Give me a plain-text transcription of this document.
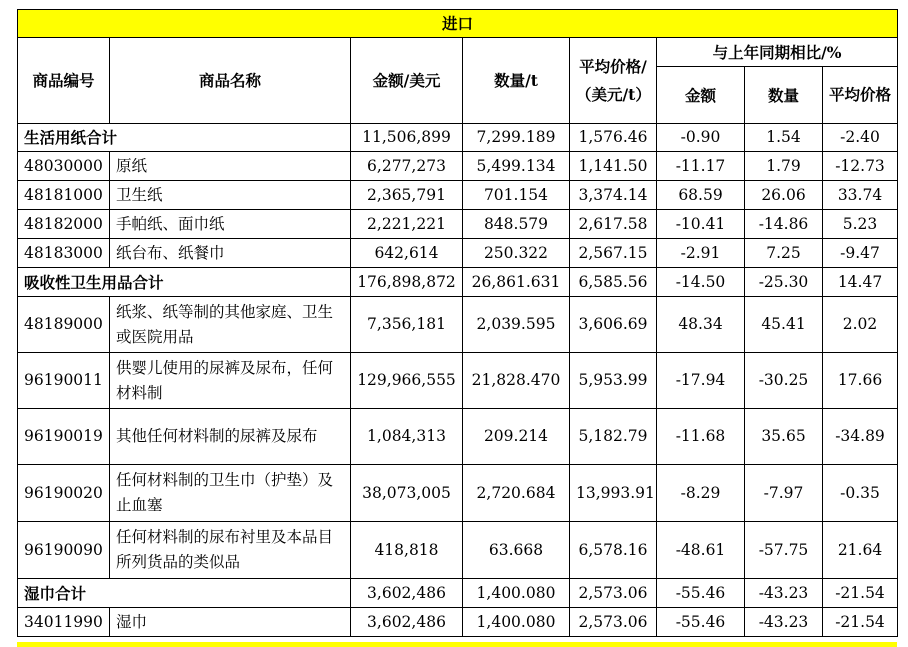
进口							
商品编号	商品名称	金额/美元	数量/t	平均价格/（美元/t）	与上年同期相比/%		
					金额	数量	平均价格
生活用纸合计		11,506,899	7,299.189	1,576.46	-0.90	1.54	-2.40
48030000	原纸	6,277,273	5,499.134	1,141.50	-11.17	1.79	-12.73
48181000	卫生纸	2,365,791	701.154	3,374.14	68.59	26.06	33.74
48182000	手帕纸、面巾纸	2,221,221	848.579	2,617.58	-10.41	-14.86	5.23
48183000	纸台布、纸餐巾	642,614	250.322	2,567.15	-2.91	7.25	-9.47
吸收性卫生用品合计		176,898,872	26,861.631	6,585.56	-14.50	-25.30	14.47
48189000	纸浆、纸等制的其他家庭、卫生或医院用品	7,356,181	2,039.595	3,606.69	48.34	45.41	2.02
96190011	供婴儿使用的尿裤及尿布，任何材料制	129,966,555	21,828.470	5,953.99	-17.94	-30.25	17.66
96190019	其他任何材料制的尿裤及尿布	1,084,313	209.214	5,182.79	-11.68	35.65	-34.89
96190020	任何材料制的卫生巾（护垫）及止血塞	38,073,005	2,720.684	13,993.91	-8.29	-7.97	-0.35
96190090	任何材料制的尿布衬里及本品目所列货品的类似品	418,818	63.668	6,578.16	-48.61	-57.75	21.64
湿巾合计		3,602,486	1,400.080	2,573.06	-55.46	-43.23	-21.54
34011990	湿巾	3,602,486	1,400.080	2,573.06	-55.46	-43.23	-21.54
